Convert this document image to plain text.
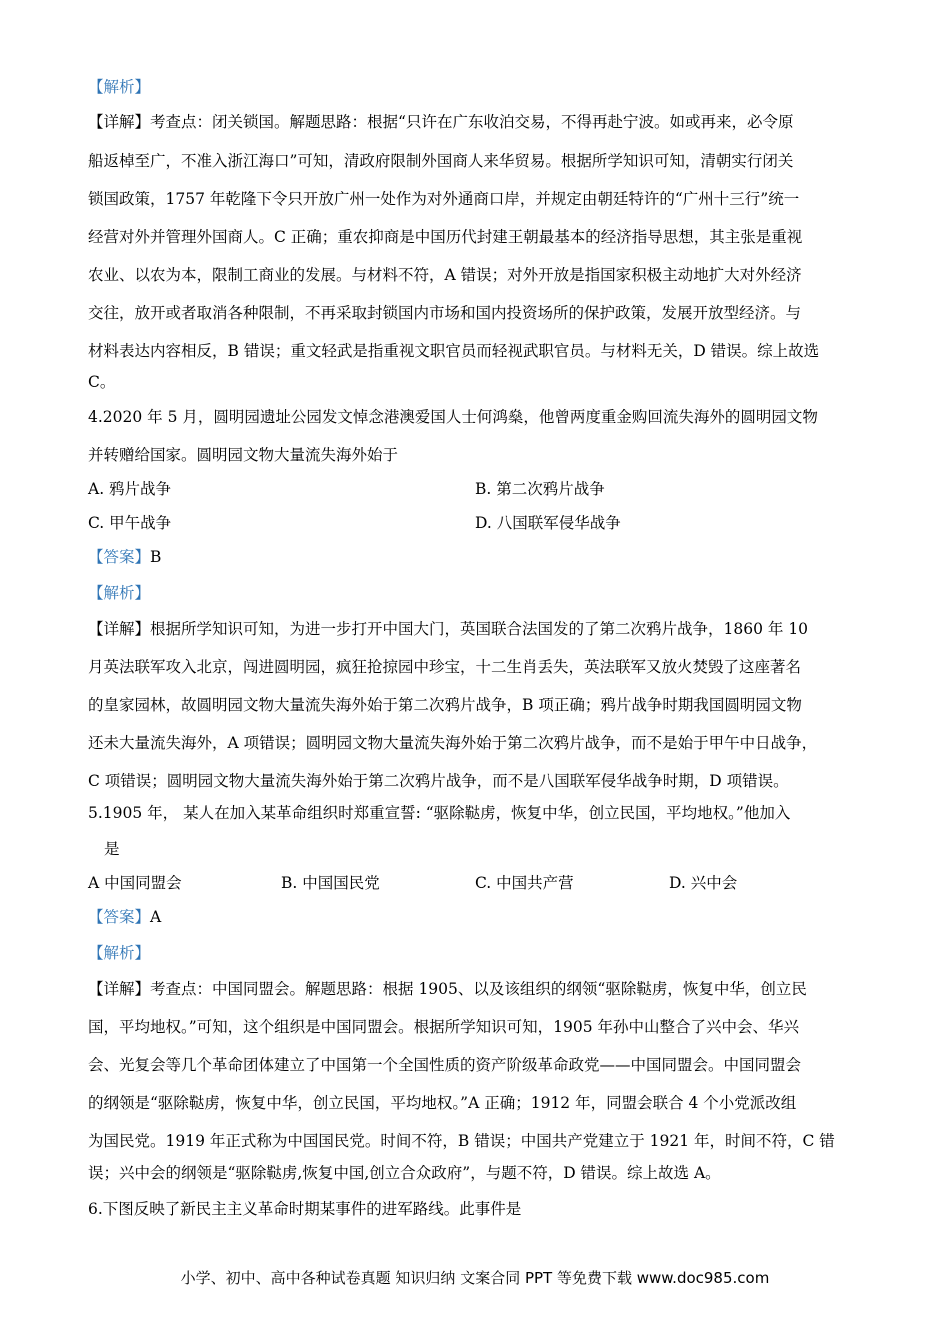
【解析】
【详解】考查点：闭关锁国。解题思路：根据“只许在广东收泊交易，不得再赴宁波。如或再来，必令原
船返棹至广，不准入浙江海口”可知，清政府限制外国商人来华贸易。根据所学知识可知，清朝实行闭关
锁国政策，1757 年乾隆下令只开放广州一处作为对外通商口岸，并规定由朝廷特许的“广州十三行”统一
经营对外并管理外国商人。C 正确；重农抑商是中国历代封建王朝最基本的经济指导思想，其主张是重视
农业、以农为本，限制工商业的发展。与材料不符，A 错误；对外开放是指国家积极主动地扩大对外经济
交往，放开或者取消各种限制，不再采取封锁国内市场和国内投资场所的保护政策，发展开放型经济。与
材料表达内容相反，B 错误；重文轻武是指重视文职官员而轻视武职官员。与材料无关，D 错误。综上故选
C。
4.2020 年 5 月，圆明园遗址公园发文悼念港澳爱国人士何鸿燊，他曾两度重金购回流失海外的圆明园文物
并转赠给国家。圆明园文物大量流失海外始于
A. 鸦片战争	B. 第二次鸦片战争
C. 甲午战争	D. 八国联军侵华战争
【答案】B
【解析】
【详解】根据所学知识可知，为进一步打开中国大门，英国联合法国发的了第二次鸦片战争，1860 年 10
月英法联军攻入北京，闯进圆明园，疯狂抢掠园中珍宝，十二生肖丢失，英法联军又放火焚毁了这座著名
的皇家园林，故圆明园文物大量流失海外始于第二次鸦片战争，B 项正确；鸦片战争时期我国圆明园文物
还未大量流失海外，A 项错误；圆明园文物大量流失海外始于第二次鸦片战争，而不是始于甲午中日战争，
C 项错误；圆明园文物大量流失海外始于第二次鸦片战争，而不是八国联军侵华战争时期，D 项错误。
5.1905 年， 某人在加入某革命组织时郑重宣誓: “驱除鞑虏，恢复中华，创立民国，平均地权。”他加入
是
A 中国同盟会	B. 中国国民党	C. 中国共产营	D. 兴中会
【答案】A
【解析】
【详解】考查点：中国同盟会。解题思路：根据 1905、以及该组织的纲领“驱除鞑虏，恢复中华，创立民
国，平均地权。”可知，这个组织是中国同盟会。根据所学知识可知，1905 年孙中山整合了兴中会、华兴
会、光复会等几个革命团体建立了中国第一个全国性质的资产阶级革命政党——中国同盟会。中国同盟会
的纲领是“驱除鞑虏，恢复中华，创立民国，平均地权。”A 正确；1912 年，同盟会联合 4 个小党派改组
为国民党。1919 年正式称为中国国民党。时间不符，B 错误；中国共产党建立于 1921 年，时间不符，C 错
误；兴中会的纲领是“驱除鞑虏,恢复中国,创立合众政府”，与题不符，D 错误。综上故选 A。
6.下图反映了新民主主义革命时期某事件的进军路线。此事件是
小学、初中、高中各种试卷真题 知识归纳 文案合同 PPT 等免费下载 www.doc985.com
